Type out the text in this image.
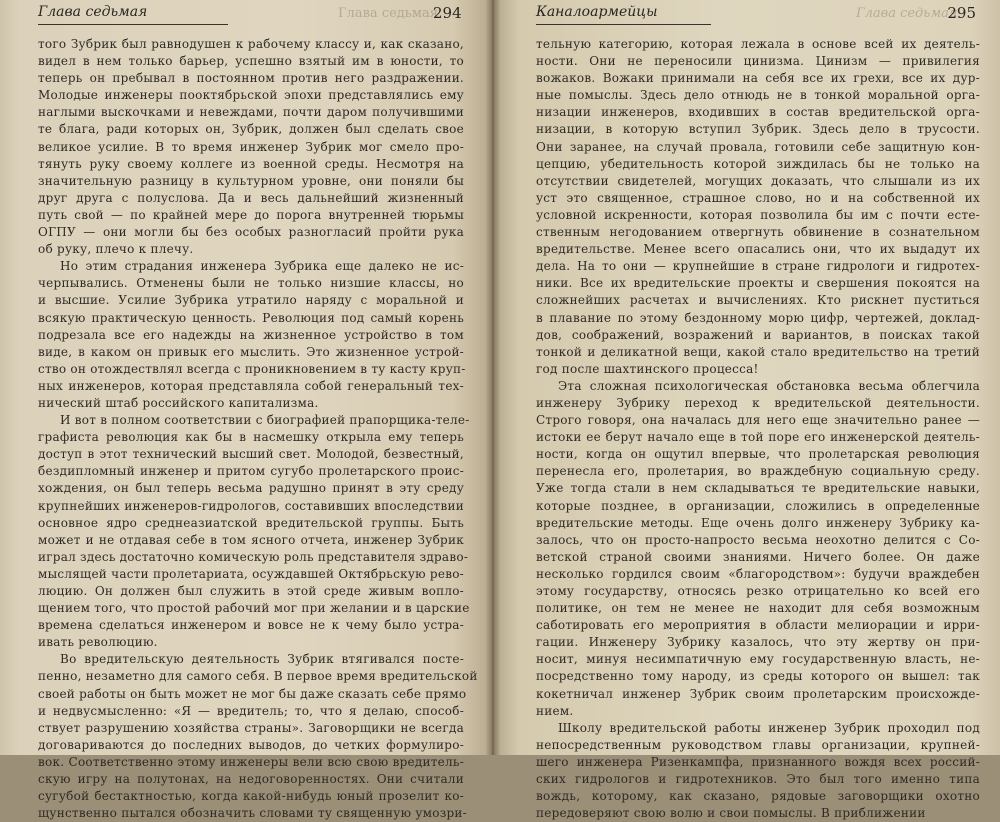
Глава седьмая	Глава седьмая
294

того Зубрик был равнодушен к рабочему классу и, как сказано,
видел в нем только барьер, успешно взятый им в юности, то
теперь он пребывал в постоянном против него раздражении.
Молодые инженеры пооктябрьской эпохи представлялись ему
наглыми выскочками и невеждами, почти даром получившими
те блага, ради которых он, Зубрик, должен был сделать свое
великое усилие. В то время инженер Зубрик мог смело про-
тянуть руку своему коллеге из военной среды. Несмотря на
значительную разницу в культурном уровне, они поняли бы
друг друга с полуслова. Да и весь дальнейший жизненный
путь свой — по крайней мере до порога внутренней тюрьмы
ОГПУ — они могли бы без особых разногласий пройти рука
об руку, плечо к плечу.

Но этим страдания инженера Зубрика еще далеко не ис-
черпывались. Отменены были не только низшие классы, но
и высшие. Усилие Зубрика утратило наряду с моральной и
всякую практическую ценность. Революция под самый корень
подрезала все его надежды на жизненное устройство в том
виде, в каком он привык его мыслить. Это жизненное устрой-
ство он отождествлял всегда с проникновением в ту касту круп-
ных инженеров, которая представляла собой генеральный тех-
нический штаб российского капитализма.

И вот в полном соответствии с биографией прапорщика-теле-
графиста революция как бы в насмешку открыла ему теперь
доступ в этот технический высший свет. Молодой, безвестный,
бездипломный инженер и притом сугубо пролетарского проис-
хождения, он был теперь весьма радушно принят в эту среду
крупнейших инженеров-гидрологов, составивших впоследствии
основное ядро среднеазиатской вредительской группы. Быть
может и не отдавая себе в том ясного отчета, инженер Зубрик
играл здесь достаточно комическую роль представителя здраво-
мыслящей части пролетариата, осуждавшей Октябрьскую рево-
люцию. Он должен был служить в этой среде живым вопло-
щением того, что простой рабочий мог при желании и в царские
времена сделаться инженером и вовсе не к чему было устра-
ивать революцию.

Во вредительскую деятельность Зубрик втягивался посте-
пенно, незаметно для самого себя. В первое время вредительской
своей работы он быть может не мог бы даже сказать себе прямо
и недвусмысленно: «Я — вредитель; то, что я делаю, способ-
ствует разрушению хозяйства страны». Заговорщики не всегда
договариваются до последних выводов, до четких формулиро-
вок. Соответственно этому инженеры вели всю свою вредитель-
скую игру на полутонах, на недоговоренностях. Они считали
сугубой бестактностью, когда какой-нибудь юный прозелит ко-
щунственно пытался обозначить словами ту священную умозри-

Каналоармейцы	Глава седьмая
295

тельную категорию, которая лежала в основе всей их деятель-
ности. Они не переносили цинизма. Цинизм — привилегия
вожаков. Вожаки принимали на себя все их грехи, все их дур-
ные помыслы. Здесь дело отнюдь не в тонкой моральной орга-
низации инженеров, входивших в состав вредительской орга-
низации, в которую вступил Зубрик. Здесь дело в трусости.
Они заранее, на случай провала, готовили себе защитную кон-
цепцию, убедительность которой зиждилась бы не только на
отсутствии свидетелей, могущих доказать, что слышали из их
уст это священное, страшное слово, но и на собственной их
условной искренности, которая позволила бы им с почти есте-
ственным негодованием отвергнуть обвинение в сознательном
вредительстве. Менее всего опасались они, что их выдадут их
дела. На то они — крупнейшие в стране гидрологи и гидротех-
ники. Все их вредительские проекты и свершения покоятся на
сложнейших расчетах и вычислениях. Кто рискнет пуститься
в плавание по этому бездонному морю цифр, чертежей, доклад-
дов, соображений, возражений и вариантов, в поисках такой
тонкой и деликатной вещи, какой стало вредительство на третий
год после шахтинского процесса!

Эта сложная психологическая обстановка весьма облегчила
инженеру Зубрику переход к вредительской деятельности.
Строго говоря, она началась для него еще значительно ранее —
истоки ее берут начало еще в той поре его инженерской деятель-
ности, когда он ощутил впервые, что пролетарская революция
перенесла его, пролетария, во враждебную социальную среду.
Уже тогда стали в нем складываться те вредительские навыки,
которые позднее, в организации, сложились в определенные
вредительские методы. Еще очень долго инженеру Зубрику ка-
залось, что он просто-напросто весьма неохотно делится с Со-
ветской страной своими знаниями. Ничего более. Он даже
несколько гордился своим «благородством»: будучи враждебен
этому государству, относясь резко отрицательно ко всей его
политике, он тем не менее не находит для себя возможным
саботировать его мероприятия в области мелиорации и ирри-
гации. Инженеру Зубрику казалось, что эту жертву он при-
носит, минуя несимпатичную ему государственную власть, не-
посредственно тому народу, из среды которого он вышел: так
кокетничал инженер Зубрик своим пролетарским происхожде-
нием.

Школу вредительской работы инженер Зубрик проходил под
непосредственным руководством главы организации, крупней-
шего инженера Ризенкампфа, признанного вождя всех россий-
ских гидрологов и гидротехников. Это был того именно типа
вождь, которому, как сказано, рядовые заговорщики охотно
передоверяют свою волю и свои помыслы. В приближении
